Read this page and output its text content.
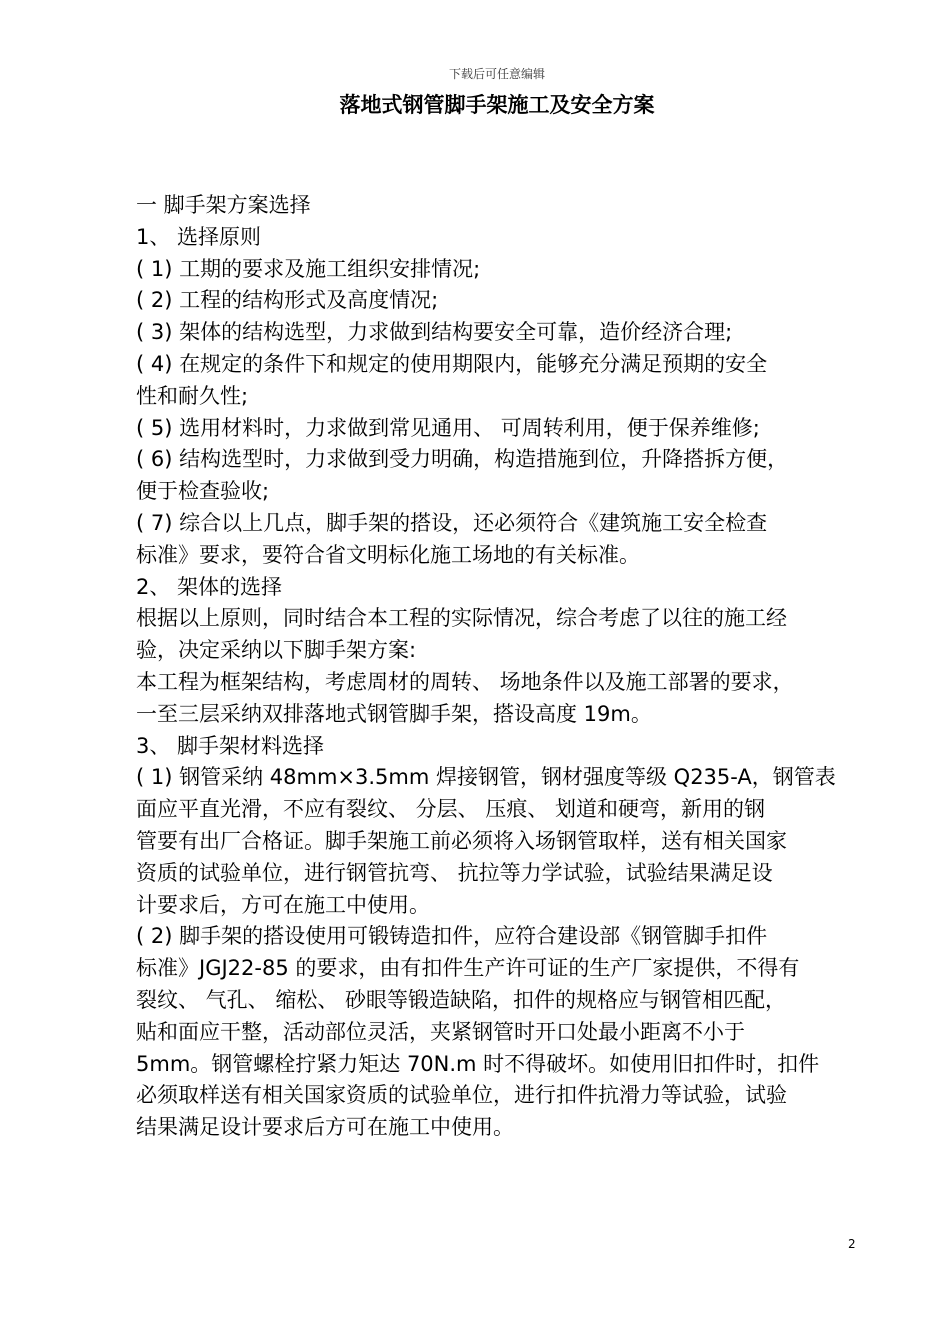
下载后可任意编辑
落地式钢管脚手架施工及安全方案
一 脚手架方案选择
1、 选择原则
( 1) 工期的要求及施工组织安排情况;
( 2) 工程的结构形式及高度情况;
( 3) 架体的结构选型，力求做到结构要安全可靠，造价经济合理;
( 4) 在规定的条件下和规定的使用期限内，能够充分满足预期的安全
性和耐久性;
( 5) 选用材料时，力求做到常见通用、 可周转利用，便于保养维修;
( 6) 结构选型时，力求做到受力明确，构造措施到位，升降搭拆方便，
便于检查验收;
( 7) 综合以上几点，脚手架的搭设，还必须符合《建筑施工安全检查
标准》要求，要符合省文明标化施工场地的有关标准。
2、 架体的选择
根据以上原则，同时结合本工程的实际情况，综合考虑了以往的施工经
验，决定采纳以下脚手架方案:
本工程为框架结构，考虑周材的周转、 场地条件以及施工部署的要求，
一至三层采纳双排落地式钢管脚手架，搭设高度 19m。
3、 脚手架材料选择
( 1) 钢管采纳 48mm×3.5mm 焊接钢管，钢材强度等级 Q235-A，钢管表
面应平直光滑，不应有裂纹、 分层、 压痕、 划道和硬弯，新用的钢
管要有出厂合格证。脚手架施工前必须将入场钢管取样，送有相关国家
资质的试验单位，进行钢管抗弯、 抗拉等力学试验，试验结果满足设
计要求后，方可在施工中使用。
( 2) 脚手架的搭设使用可锻铸造扣件，应符合建设部《钢管脚手扣件
标准》JGJ22-85 的要求，由有扣件生产许可证的生产厂家提供，不得有
裂纹、 气孔、 缩松、 砂眼等锻造缺陷，扣件的规格应与钢管相匹配，
贴和面应干整，活动部位灵活，夹紧钢管时开口处最小距离不小于
5mm。钢管螺栓拧紧力矩达 70N.m 时不得破坏。如使用旧扣件时，扣件
必须取样送有相关国家资质的试验单位，进行扣件抗滑力等试验，试验
结果满足设计要求后方可在施工中使用。
2
